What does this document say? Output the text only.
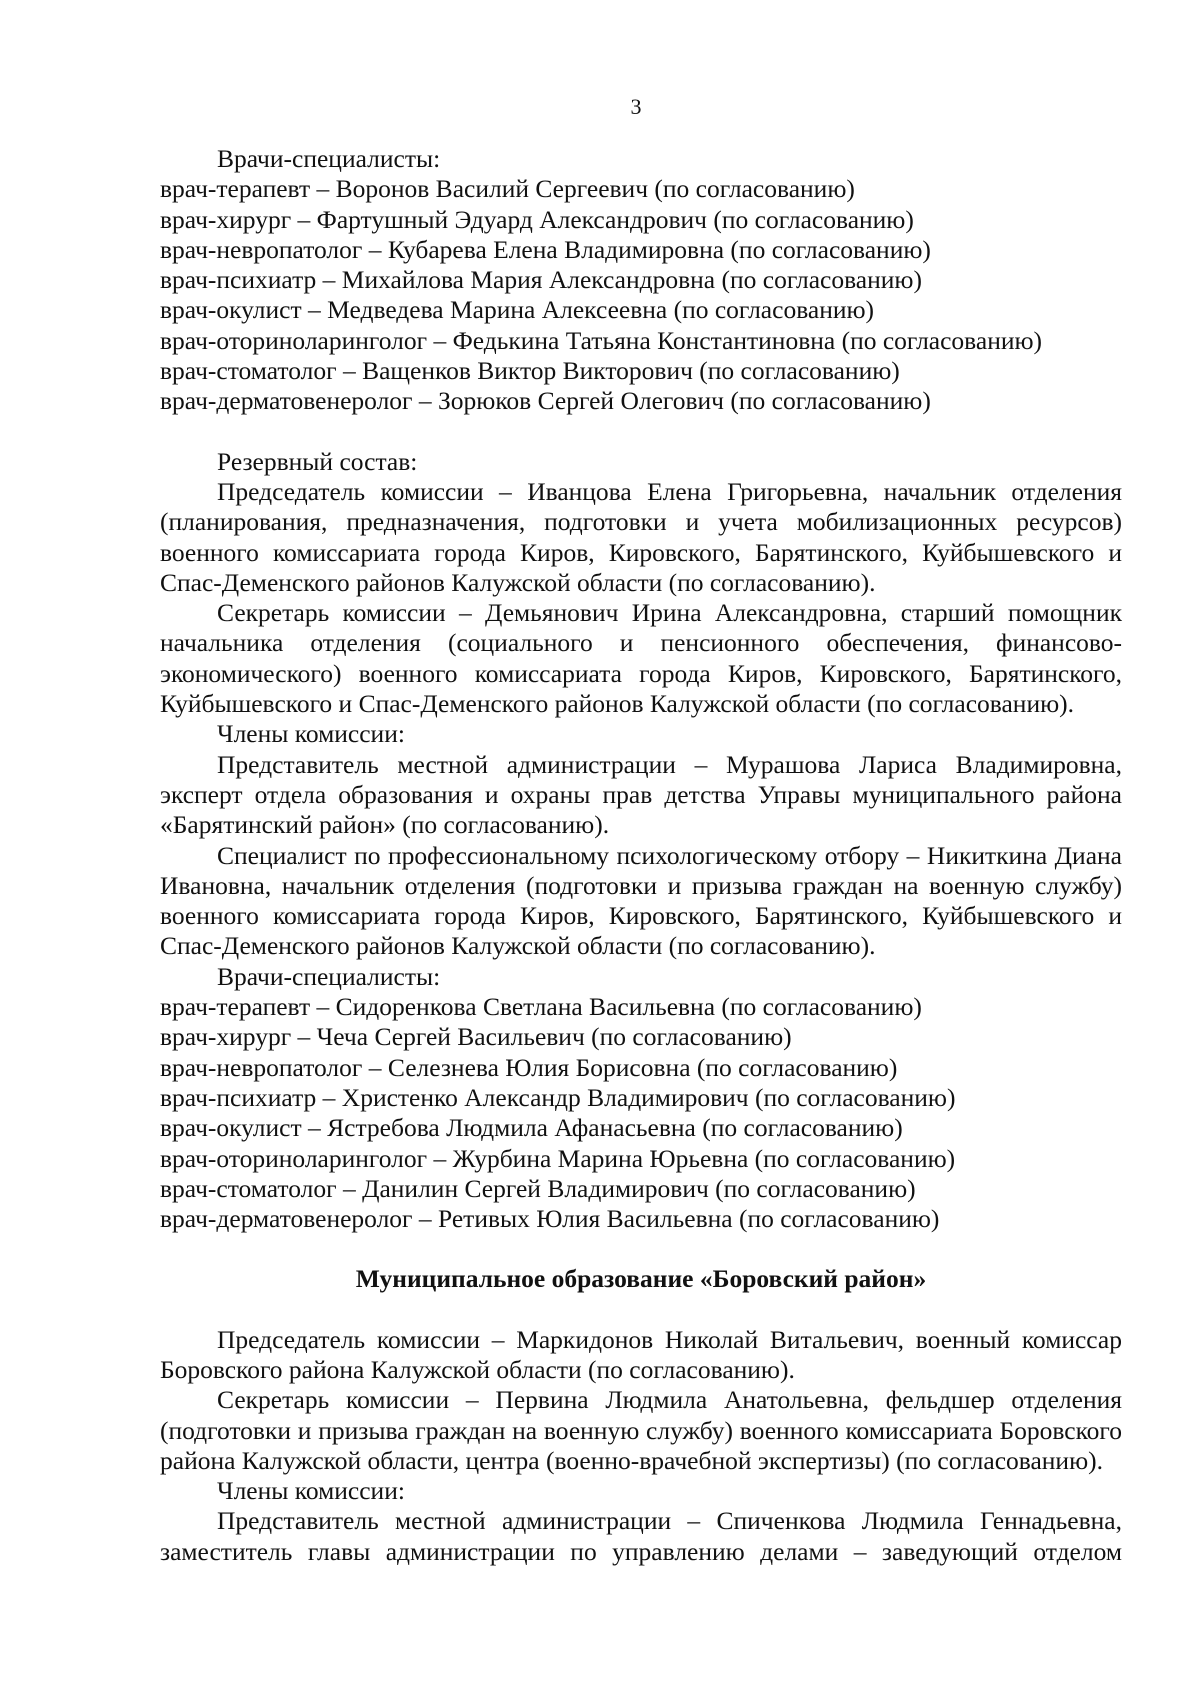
3
Врачи-специалисты:
врач-терапевт – Воронов Василий Сергеевич (по согласованию)
врач-хирург – Фартушный Эдуард Александрович (по согласованию)
врач-невропатолог – Кубарева Елена Владимировна (по согласованию)
врач-психиатр – Михайлова Мария Александровна (по согласованию)
врач-окулист – Медведева Марина Алексеевна (по согласованию)
врач-оториноларинголог – Федькина Татьяна Константиновна (по согласованию)
врач-стоматолог – Ващенков Виктор Викторович (по согласованию)
врач-дерматовенеролог – Зорюков Сергей Олегович (по согласованию)
Резервный состав:
Председатель комиссии – Иванцова Елена Григорьевна, начальник отделения (планирования, предназначения, подготовки и учета мобилизационных ресурсов) военного комиссариата города Киров, Кировского, Барятинского, Куйбышевского и Спас-Деменского районов Калужской области (по согласованию).
Секретарь комиссии – Демьянович Ирина Александровна, старший помощник начальника отделения (социального и пенсионного обеспечения, финансово-экономического) военного комиссариата города Киров, Кировского, Барятинского, Куйбышевского и Спас-Деменского районов Калужской области (по согласованию).
Члены комиссии:
Представитель местной администрации – Мурашова Лариса Владимировна, эксперт отдела образования и охраны прав детства Управы муниципального района «Барятинский район» (по согласованию).
Специалист по профессиональному психологическому отбору – Никиткина Диана Ивановна, начальник отделения (подготовки и призыва граждан на военную службу) военного комиссариата города Киров, Кировского, Барятинского, Куйбышевского и Спас-Деменского районов Калужской области (по согласованию).
Врачи-специалисты:
врач-терапевт – Сидоренкова Светлана Васильевна (по согласованию)
врач-хирург – Чеча Сергей Васильевич (по согласованию)
врач-невропатолог – Селезнева Юлия Борисовна (по согласованию)
врач-психиатр – Христенко Александр Владимирович (по согласованию)
врач-окулист – Ястребова Людмила Афанасьевна (по согласованию)
врач-оториноларинголог – Журбина Марина Юрьевна (по согласованию)
врач-стоматолог – Данилин Сергей Владимирович (по согласованию)
врач-дерматовенеролог – Ретивых Юлия Васильевна (по согласованию)
Муниципальное образование «Боровский район»
Председатель комиссии – Маркидонов Николай Витальевич, военный комиссар Боровского района Калужской области (по согласованию).
Секретарь комиссии – Первина Людмила Анатольевна, фельдшер отделения (подготовки и призыва граждан на военную службу) военного комиссариата Боровского района Калужской области, центра (военно-врачебной экспертизы) (по согласованию).
Члены комиссии:
Представитель местной администрации – Спиченкова Людмила Геннадьевна, заместитель главы администрации по управлению делами – заведующий отделом
